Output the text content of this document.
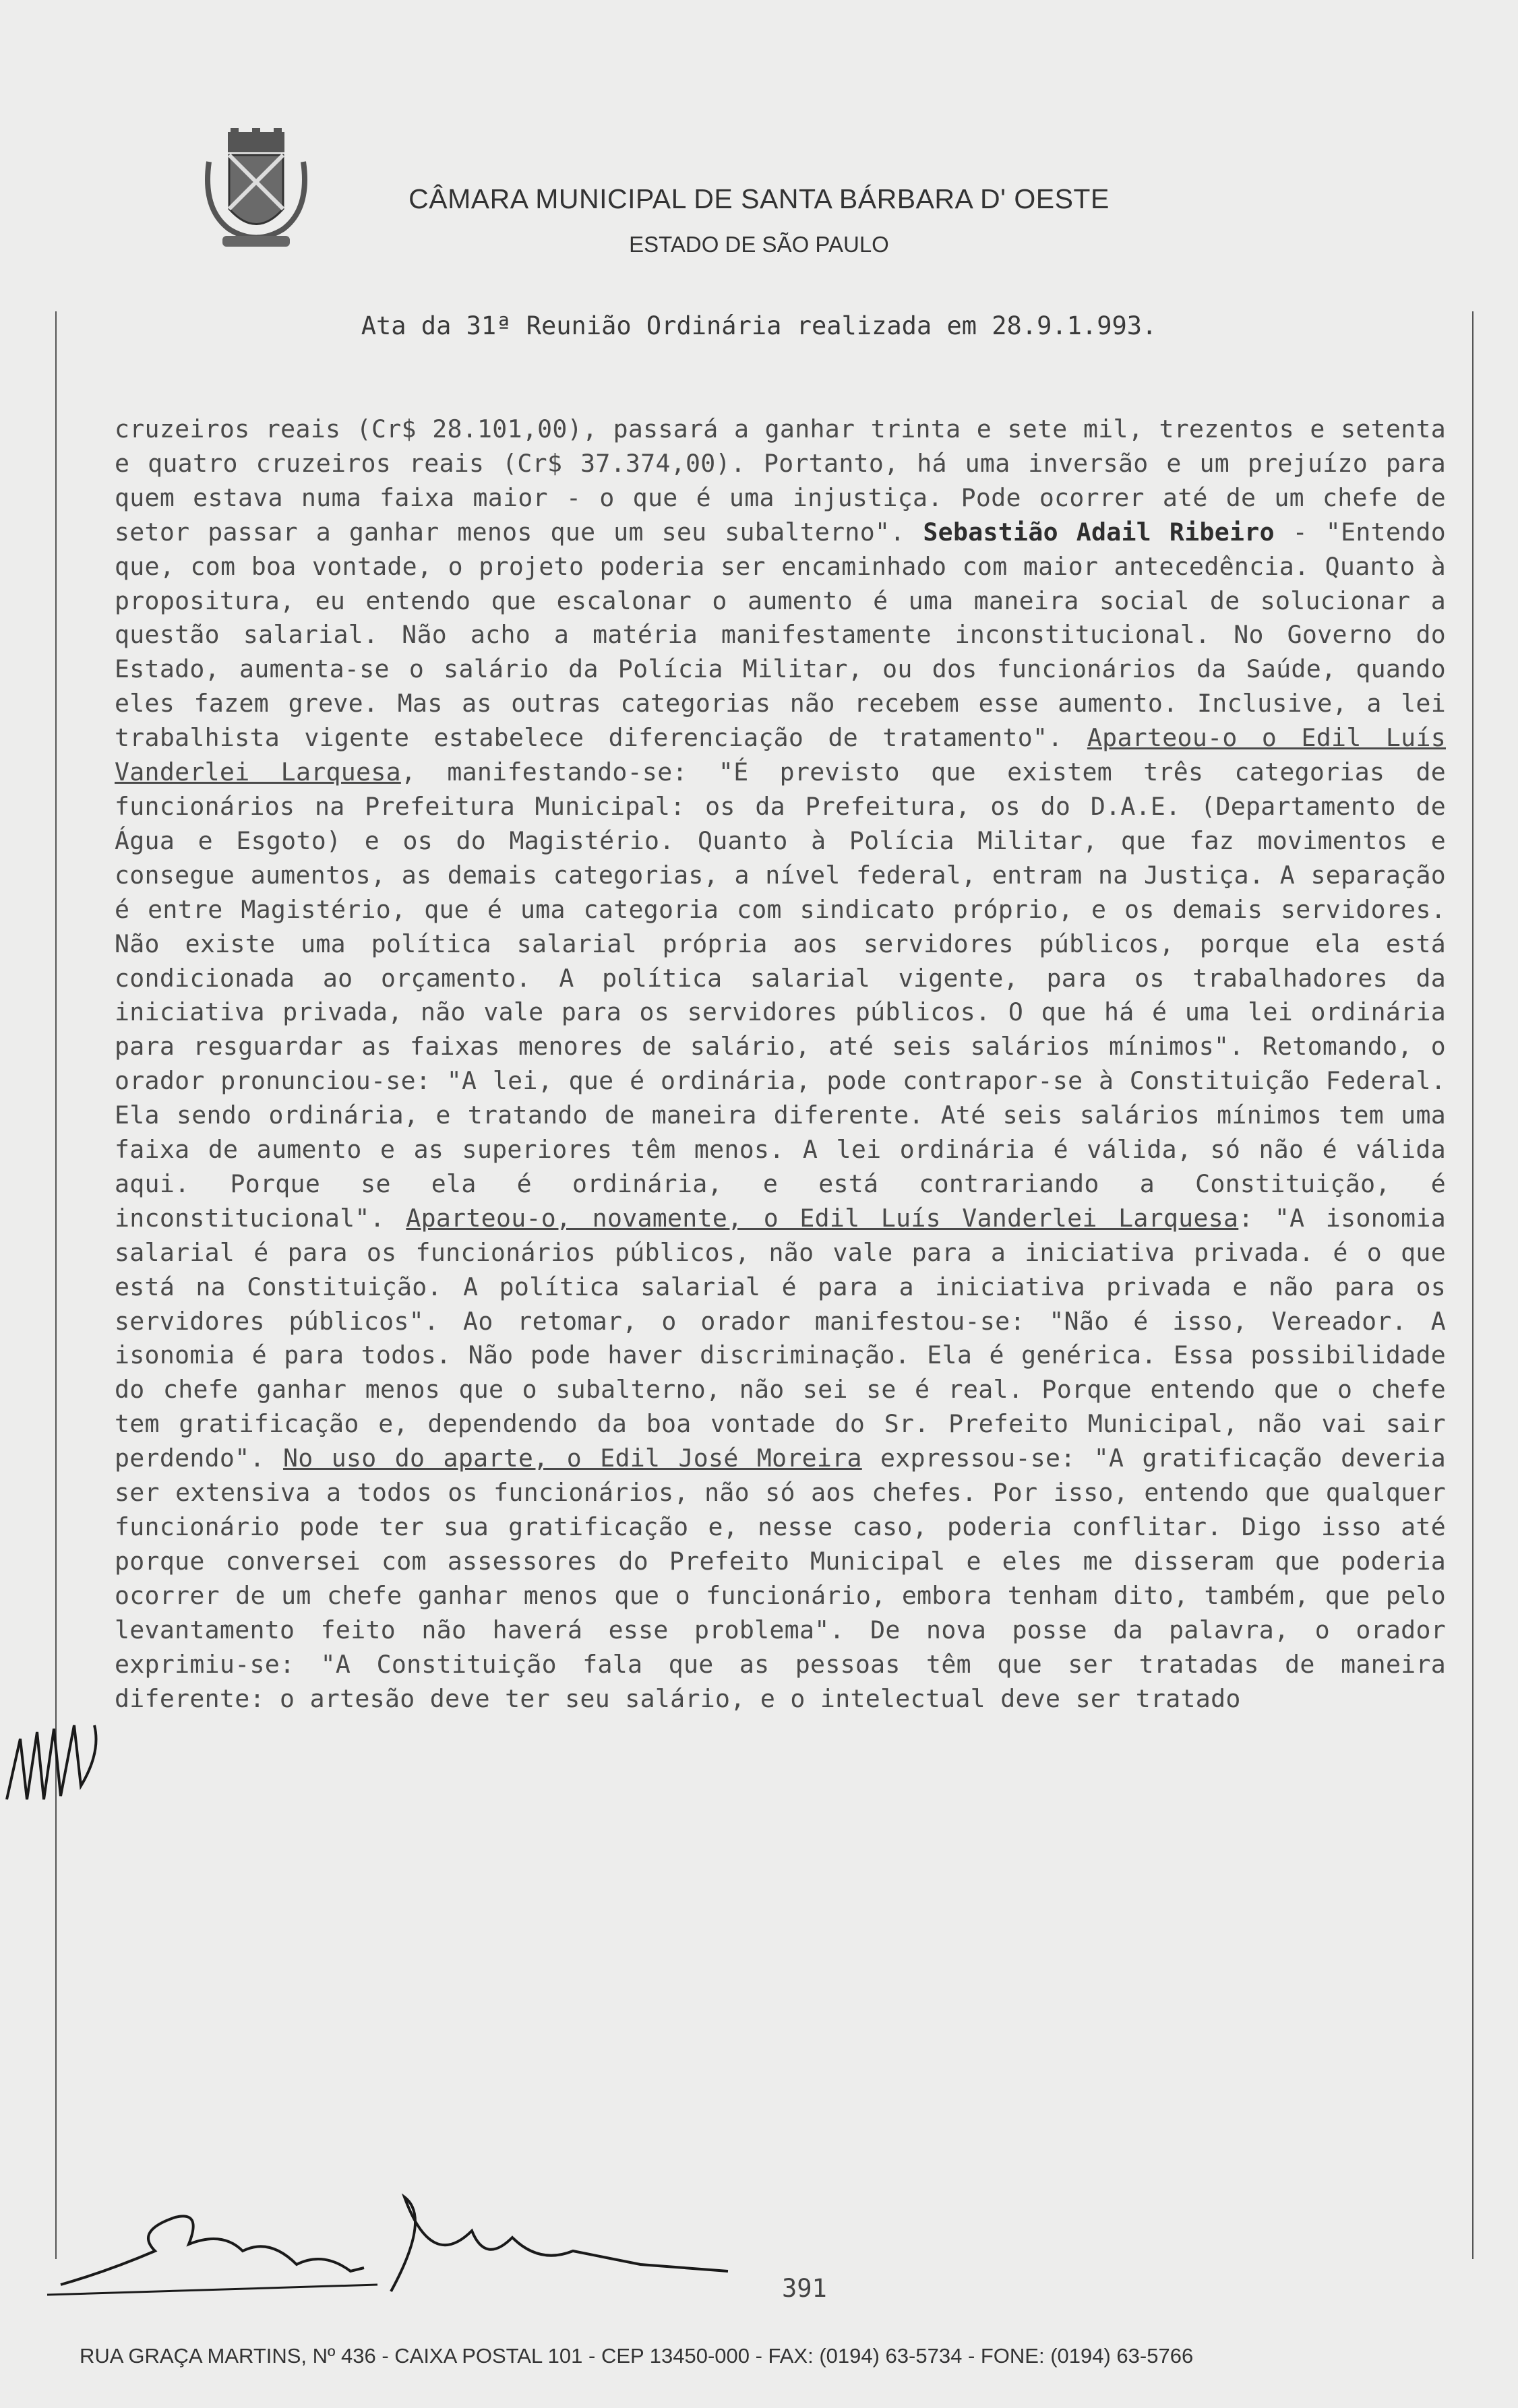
CÂMARA MUNICIPAL DE SANTA BÁRBARA D' OESTE
ESTADO DE SÃO PAULO
Ata da 31ª Reunião Ordinária realizada em 28.9.1.993.
cruzeiros reais (Cr$ 28.101,00), passará a ganhar trinta e sete mil, trezentos e setenta e quatro cruzeiros reais (Cr$ 37.374,00). Portanto, há uma inversão e um prejuízo para quem estava numa faixa maior - o que é uma injustiça. Pode ocorrer até de um chefe de setor passar a ganhar menos que um seu subalterno". Sebastião Adail Ribeiro - "Entendo que, com boa vontade, o projeto poderia ser encaminhado com maior antecedência. Quanto à propositura, eu entendo que escalonar o aumento é uma maneira social de solucionar a questão salarial. Não acho a matéria manifestamente inconstitucional. No Governo do Estado, aumenta-se o salário da Polícia Militar, ou dos funcionários da Saúde, quando eles fazem greve. Mas as outras categorias não recebem esse aumento. Inclusive, a lei trabalhista vigente estabelece diferenciação de tratamento". Aparteou-o o Edil Luís Vanderlei Larquesa, manifestando-se: "É previsto que existem três categorias de funcionários na Prefeitura Municipal: os da Prefeitura, os do D.A.E. (Departamento de Água e Esgoto) e os do Magistério. Quanto à Polícia Militar, que faz movimentos e consegue aumentos, as demais categorias, a nível federal, entram na Justiça. A separação é entre Magistério, que é uma categoria com sindicato próprio, e os demais servidores. Não existe uma política salarial própria aos servidores públicos, porque ela está condicionada ao orçamento. A política salarial vigente, para os trabalhadores da iniciativa privada, não vale para os servidores públicos. O que há é uma lei ordinária para resguardar as faixas menores de salário, até seis salários mínimos". Retomando, o orador pronunciou-se: "A lei, que é ordinária, pode contrapor-se à Constituição Federal. Ela sendo ordinária, e tratando de maneira diferente. Até seis salários mínimos tem uma faixa de aumento e as superiores têm menos. A lei ordinária é válida, só não é válida aqui. Porque se ela é ordinária, e está contrariando a Constituição, é inconstitucional". Aparteou-o, novamente, o Edil Luís Vanderlei Larquesa: "A isonomia salarial é para os funcionários públicos, não vale para a iniciativa privada. é o que está na Constituição. A política salarial é para a iniciativa privada e não para os servidores públicos". Ao retomar, o orador manifestou-se: "Não é isso, Vereador. A isonomia é para todos. Não pode haver discriminação. Ela é genérica. Essa possibilidade do chefe ganhar menos que o subalterno, não sei se é real. Porque entendo que o chefe tem gratificação e, dependendo da boa vontade do Sr. Prefeito Municipal, não vai sair perdendo". No uso do aparte, o Edil José Moreira expressou-se: "A gratificação deveria ser extensiva a todos os funcionários, não só aos chefes. Por isso, entendo que qualquer funcionário pode ter sua gratificação e, nesse caso, poderia conflitar. Digo isso até porque conversei com assessores do Prefeito Municipal e eles me disseram que poderia ocorrer de um chefe ganhar menos que o funcionário, embora tenham dito, também, que pelo levantamento feito não haverá esse problema". De nova posse da palavra, o orador exprimiu-se: "A Constituição fala que as pessoas têm que ser tratadas de maneira diferente: o artesão deve ter seu salário, e o intelectual deve ser tratado
391
RUA GRAÇA MARTINS, Nº 436 - CAIXA POSTAL 101 - CEP 13450-000 - FAX: (0194) 63-5734 - FONE: (0194) 63-5766
